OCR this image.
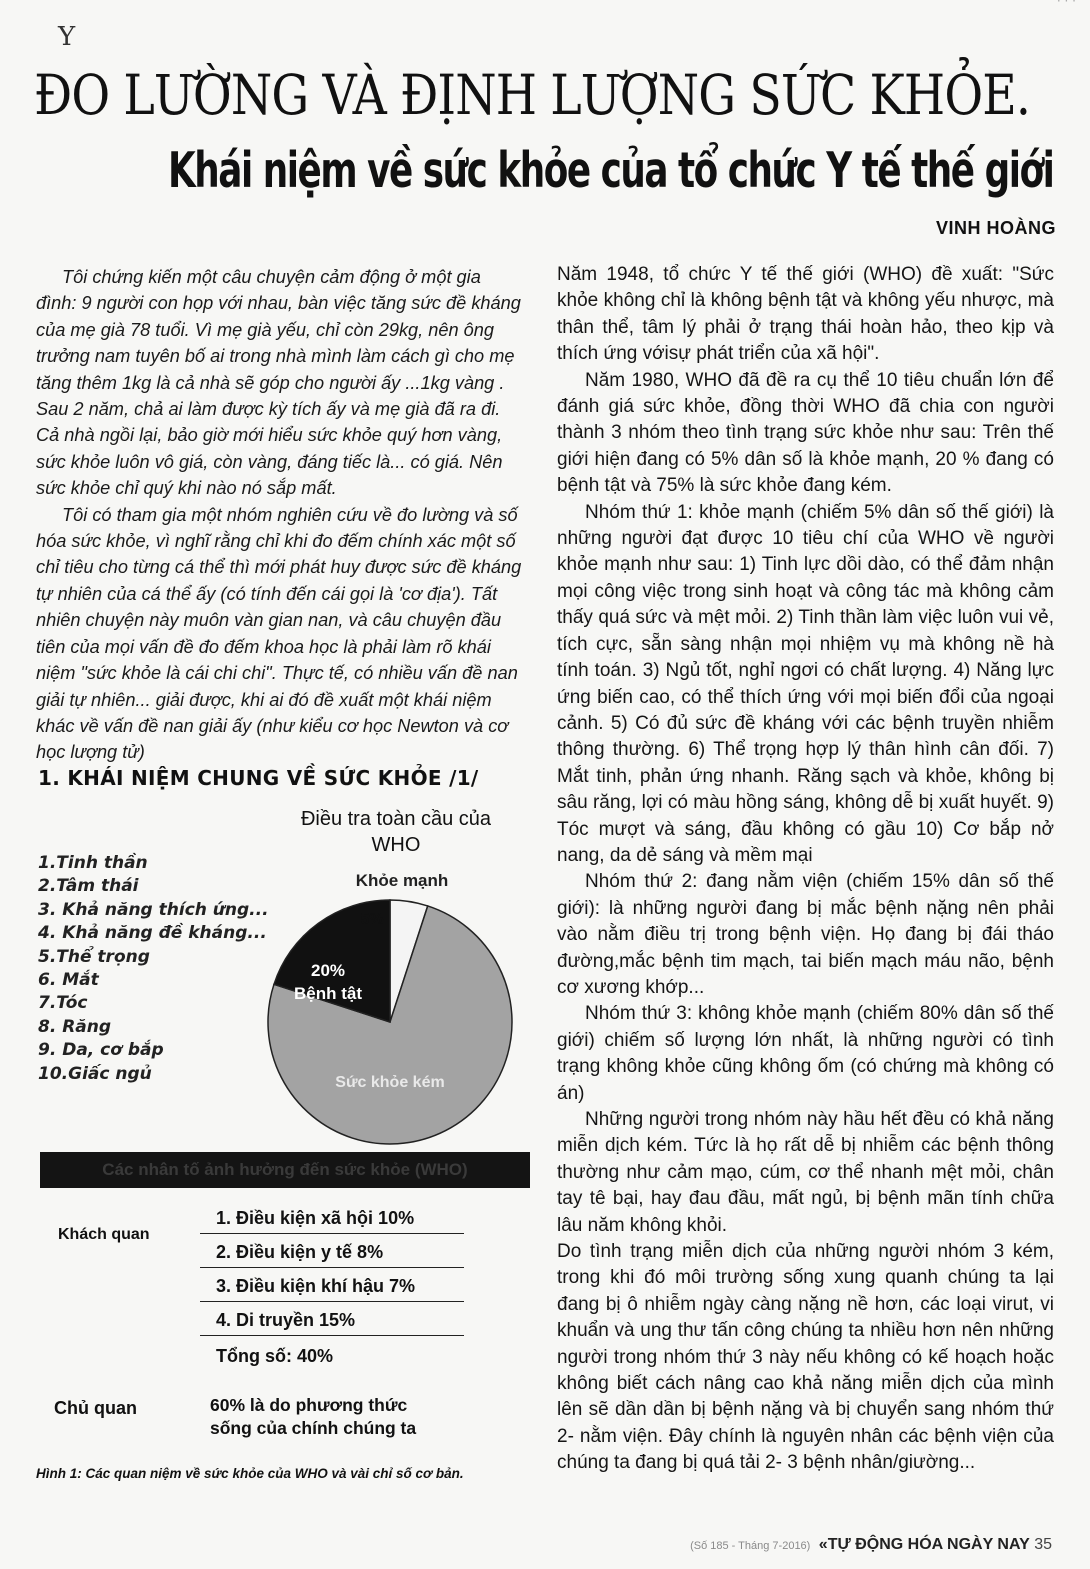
· · ·
Y
ĐO LƯỜNG VÀ ĐỊNH LƯỢNG SỨC KHỎE.
Khái niệm về sức khỏe của tổ chức Y tế thế giới
VINH HOÀNG

Tôi chứng kiến một câu chuyện cảm động ở một gia đình: 9 người con họp với nhau, bàn việc tăng sức đề kháng của mẹ già 78 tuổi. Vì mẹ già yếu, chỉ còn 29kg, nên ông trưởng nam tuyên bố ai trong nhà mình làm cách gì cho mẹ tăng thêm 1kg là cả nhà sẽ góp cho người ấy ...1kg vàng . Sau 2 năm, chả ai làm được kỳ tích ấy và mẹ già đã ra đi. Cả nhà ngồi lại, bảo giờ mới hiểu sức khỏe quý hơn vàng, sức khỏe luôn vô giá, còn vàng, đáng tiếc là... có giá. Nên sức khỏe chỉ quý khi nào nó sắp mất.

Tôi có tham gia một nhóm nghiên cứu về đo lường và số hóa sức khỏe, vì nghĩ rằng chỉ khi đo đếm chính xác một số chỉ tiêu cho từng cá thể thì mới phát huy được sức đề kháng tự nhiên của cá thể ấy (có tính đến cái gọi là 'cơ địa'). Tất nhiên chuyện này muôn vàn gian nan, và câu chuyện đầu tiên của mọi vấn đề đo đếm khoa học là phải làm rõ khái niệm "sức khỏe là cái chi chi". Thực tế, có nhiều vấn đề nan giải tự nhiên... giải được, khi ai đó đề xuất một khái niệm khác về vấn đề nan giải ấy (như kiểu cơ học Newton và cơ học lượng tử)

1. KHÁI NIỆM CHUNG VỀ SỨC KHỎE /1/
Điều tra toàn cầu của WHO
1.Tinh thần
2.Tâm thái
3. Khả năng thích ứng...
4. Khả năng đề kháng...
5.Thể trọng
6. Mắt
7.Tóc
8. Răng
9. Da, cơ bắp
10.Giấc ngủ
Khỏe mạnh
5%
20%
Bệnh tật
Sức khỏe kém
Các nhân tố ảnh hưởng đến sức khỏe (WHO)
Khách quan
1. Điều kiện xã hội 10%
2. Điều kiện y tế 8%
3. Điều kiện khí hậu 7%
4. Di truyền 15%
Tổng số: 40%
Chủ quan	60% là do phương thức
sống của chính chúng ta
Hình 1: Các quan niệm về sức khỏe của WHO và vài chỉ số cơ bản.

Năm 1948, tổ chức Y tế thế giới (WHO) đề xuất: "Sức khỏe không chỉ là không bệnh tật và không yếu nhược, mà thân thể, tâm lý phải ở trạng thái hoàn hảo, theo kịp và thích ứng vớisự phát triển của xã hội".

Năm 1980, WHO đã đề ra cụ thể 10 tiêu chuẩn lớn để đánh giá sức khỏe, đồng thời WHO đã chia con người thành 3 nhóm theo tình trạng sức khỏe như sau: Trên thế giới hiện đang có 5% dân số là khỏe mạnh, 20 % đang có bệnh tật và 75% là sức khỏe đang kém.

Nhóm thứ 1: khỏe mạnh (chiếm 5% dân số thế giới) là những người đạt được 10 tiêu chí của WHO về người khỏe mạnh như sau: 1) Tinh lực dồi dào, có thể đảm nhận mọi công việc trong sinh hoạt và công tác mà không cảm thấy quá sức và mệt mỏi. 2) Tinh thần làm việc luôn vui vẻ, tích cực, sẵn sàng nhận mọi nhiệm vụ mà không nề hà tính toán. 3) Ngủ tốt, nghỉ ngơi có chất lượng. 4) Năng lực ứng biến cao, có thể thích ứng với mọi biến đổi của ngoại cảnh. 5) Có đủ sức đề kháng với các bệnh truyền nhiễm thông thường. 6) Thể trọng hợp lý thân hình cân đối. 7) Mắt tinh, phản ứng nhanh. Răng sạch và khỏe, không bị sâu răng, lợi có màu hồng sáng, không dễ bị xuất huyết. 9) Tóc mượt và sáng, đầu không có gầu 10) Cơ bắp nở nang, da dẻ sáng và mềm mại

Nhóm thứ 2: đang nằm viện (chiếm 15% dân số thế giới): là những người đang bị mắc bệnh nặng nên phải vào nằm điều trị trong bệnh viện. Họ đang bị đái tháo đường,mắc bệnh tim mạch, tai biến mạch máu não, bệnh cơ xương khớp...

Nhóm thứ 3: không khỏe mạnh (chiếm 80% dân số thế giới) chiếm số lượng lớn nhất, là những người có tình trạng không khỏe cũng không ốm (có chứng mà không có án)

Những người trong nhóm này hầu hết đều có khả năng miễn dịch kém. Tức là họ rất dễ bị nhiễm các bệnh thông thường như cảm mạo, cúm, cơ thể nhanh mệt mỏi, chân tay tê bại, hay đau đầu, mất ngủ, bị bệnh mãn tính chữa lâu năm không khỏi.

Do tình trạng miễn dịch của những người nhóm 3 kém, trong khi đó môi trường sống xung quanh chúng ta lại đang bị ô nhiễm ngày càng nặng nề hơn, các loại virut, vi khuẩn và ung thư tấn công chúng ta nhiều hơn nên những người trong nhóm thứ 3 này nếu không có kế hoạch hoặc không biết cách nâng cao khả năng miễn dịch của mình lên sẽ dần dần bị bệnh nặng và bị chuyển sang nhóm thứ 2- nằm viện. Đây chính là nguyên nhân các bệnh viện của chúng ta đang bị quá tải 2- 3 bệnh nhân/giường...

(Số 185 - Tháng 7-2016) «TỰ ĐỘNG HÓA NGÀY NAY 35
